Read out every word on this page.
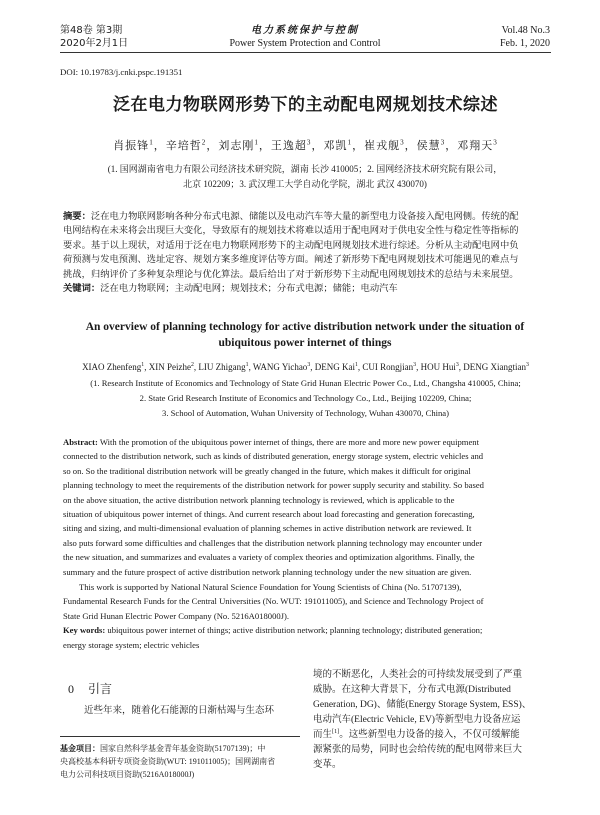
第48卷 第3期
2020年2月1日
电力系统保护与控制
Power System Protection and Control
Vol.48 No.3
Feb. 1, 2020
DOI: 10.19783/j.cnki.pspc.191351
泛在电力物联网形势下的主动配电网规划技术综述
肖振锋$^1$，辛培哲$^2$，刘志刚$^1$，王逸超$^3$，邓凯$^1$，崔戎舰$^3$，侯慧$^3$，邓翔天$^3$
(1. 国网湖南省电力有限公司经济技术研究院，湖南 长沙 410005；2. 国网经济技术研究院有限公司，
北京 102209；3. 武汉理工大学自动化学院，湖北 武汉 430070)
摘要：泛在电力物联网影响各种分布式电源、储能以及电动汽车等大量的新型电力设备接入配电网侧。传统的配
电网结构在未来将会出现巨大变化，导致原有的规划技术将难以适用于配电网对于供电安全性与稳定性等指标的
要求。基于以上现状，对适用于泛在电力物联网形势下的主动配电网规划技术进行综述。分析从主动配电网中负
荷预测与发电预测、选址定容、规划方案多维度评估等方面。阐述了新形势下配电网规划技术可能遇见的难点与
挑战，归纳评价了多种复杂理论与优化算法。最后给出了对于新形势下主动配电网规划技术的总结与未来展望。
关键词：泛在电力物联网；主动配电网；规划技术；分布式电源；储能；电动汽车
An overview of planning technology for active distribution network under the situation of
ubiquitous power internet of things
XIAO Zhenfeng$^1$, XIN Peizhe$^2$, LIU Zhigang$^1$, WANG Yichao$^3$, DENG Kai$^1$, CUI Rongjian$^3$, HOU Hui$^3$, DENG Xiangtian$^3$
(1. Research Institute of Economics and Technology of State Grid Hunan Electric Power Co., Ltd., Changsha 410005, China;
2. State Grid Research Institute of Economics and Technology Co., Ltd., Beijing 102209, China;
3. School of Automation, Wuhan University of Technology, Wuhan 430070, China)
Abstract: With the promotion of the ubiquitous power internet of things, there are more and more new power equipment
connected to the distribution network, such as kinds of distributed generation, energy storage system, electric vehicles and
so on. So the traditional distribution network will be greatly changed in the future, which makes it difficult for original
planning technology to meet the requirements of the distribution network for power supply security and stability. So based
on the above situation, the active distribution network planning technology is reviewed, which is applicable to the
situation of ubiquitous power internet of things. And current research about load forecasting and generation forecasting,
siting and sizing, and multi-dimensional evaluation of planning schemes in active distribution network are reviewed. It
also puts forward some difficulties and challenges that the distribution network planning technology may encounter under
the new situation, and summarizes and evaluates a variety of complex theories and optimization algorithms. Finally, the
summary and the future prospect of active distribution network planning technology under the new situation are given.
This work is supported by National Natural Science Foundation for Young Scientists of China (No. 51707139),
Fundamental Research Funds for the Central Universities (No. WUT: 191011005), and Science and Technology Project of
State Grid Hunan Electric Power Company (No. 5216A018000J).
Key words: ubiquitous power internet of things; active distribution network; planning technology; distributed generation;
energy storage system; electric vehicles
0 引言
近些年来，随着化石能源的日渐枯竭与生态环
基金项目：国家自然科学基金青年基金资助(51707139)；中
央高校基本科研专项资金资助(WUT: 191011005)；国网湖南省
电力公司科技项目资助(5216A018000J)
境的不断恶化，人类社会的可持续发展受到了严重
威胁。在这种大背景下，分布式电源(Distributed
Generation, DG)、储能(Energy Storage System, ESS)、
电动汽车(Electric Vehicle, EV)等新型电力设备应运
而生[1]。这些新型电力设备的接入，不仅可缓解能
源紧张的局势，同时也会给传统的配电网带来巨大
变革。
